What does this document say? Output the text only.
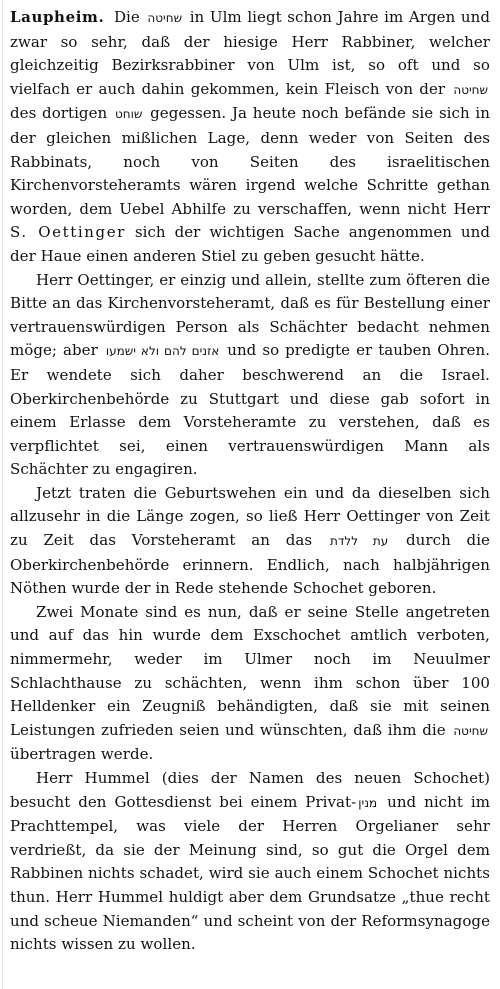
Laupheim. Die שחיטה in Ulm liegt schon Jahre im Argen und zwar so sehr, daß der hiesige Herr Rabbiner, welcher gleichzeitig Bezirksrabbiner von Ulm ist, so oft und so vielfach er auch dahin gekommen, kein Fleisch von der שחיטה des dortigen שוחט gegessen. Ja heute noch befände sie sich in der gleichen mißlichen Lage, denn weder von Seiten des Rabbinats, noch von Seiten des israelitischen Kirchenvorsteheramts wären irgend welche Schritte gethan worden, dem Uebel Abhilfe zu verschaffen, wenn nicht Herr S. Oettinger sich der wichtigen Sache angenommen und der Haue einen anderen Stiel zu geben gesucht hätte.

Herr Oettinger, er einzig und allein, stellte zum öfteren die Bitte an das Kirchenvorsteheramt, daß es für Bestellung einer vertrauenswürdigen Person als Schächter bedacht nehmen möge; aber אזנים להם ולא ישמעו und so predigte er tauben Ohren. Er wendete sich daher beschwerend an die Israel. Oberkirchenbehörde zu Stuttgart und diese gab sofort in einem Erlasse dem Vorsteheramte zu verstehen, daß es verpflichtet sei, einen vertrauenswürdigen Mann als Schächter zu engagiren.

Jetzt traten die Geburtswehen ein und da dieselben sich allzusehr in die Länge zogen, so ließ Herr Oettinger von Zeit zu Zeit das Vorsteheramt an das עת ללדת durch die Oberkirchenbehörde erinnern. Endlich, nach halbjährigen Nöthen wurde der in Rede stehende Schochet geboren.

Zwei Monate sind es nun, daß er seine Stelle angetreten und auf das hin wurde dem Exschochet amtlich verboten, nimmermehr, weder im Ulmer noch im Neuulmer Schlachthause zu schächten, wenn ihm schon über 100 Helldenker ein Zeugniß behändigten, daß sie mit seinen Leistungen zufrieden seien und wünschten, daß ihm die שחיטה übertragen werde.

Herr Hummel (dies der Namen des neuen Schochet) besucht den Gottesdienst bei einem Privat- מנין und nicht im Prachttempel, was viele der Herren Orgelianer sehr verdrießt, da sie der Meinung sind, so gut die Orgel dem Rabbinen nichts schadet, wird sie auch einem Schochet nichts thun. Herr Hummel huldigt aber dem Grundsatze „thue recht und scheue Niemanden“ und scheint von der Reformsynagoge nichts wissen zu wollen.
